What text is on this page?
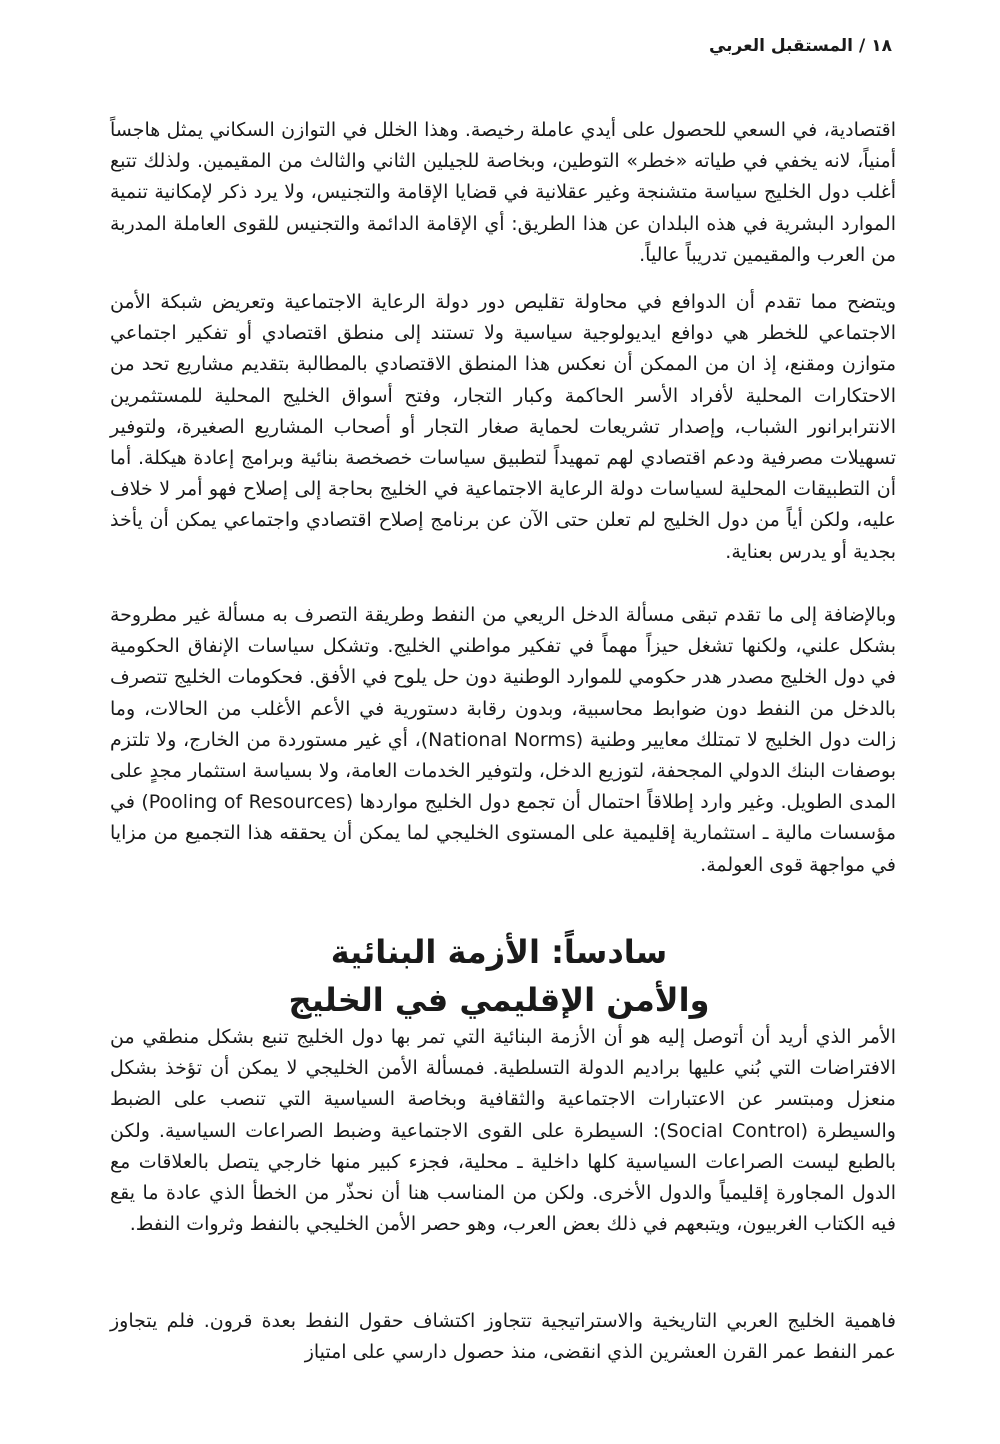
١٨/المستقبل العربي

اقتصادية، في السعي للحصول على أيدي عاملة رخيصة. وهذا الخلل في التوازن السكاني يمثل هاجساً أمنياً، لانه يخفي في طياته «خطر» التوطين، وبخاصة للجيلين الثاني والثالث من المقيمين. ولذلك تتبع أغلب دول الخليج سياسة متشنجة وغير عقلانية في قضايا الإقامة والتجنيس، ولا يرد ذكر لإمكانية تنمية الموارد البشرية في هذه البلدان عن هذا الطريق: أي الإقامة الدائمة والتجنيس للقوى العاملة المدربة من العرب والمقيمين تدريباً عالياً.

ويتضح مما تقدم أن الدوافع في محاولة تقليص دور دولة الرعاية الاجتماعية وتعريض شبكة الأمن الاجتماعي للخطر هي دوافع ايديولوجية سياسية ولا تستند إلى منطق اقتصادي أو تفكير اجتماعي متوازن ومقنع، إذ ان من الممكن أن نعكس هذا المنطق الاقتصادي بالمطالبة بتقديم مشاريع تحد من الاحتكارات المحلية لأفراد الأسر الحاكمة وكبار التجار، وفتح أسواق الخليج المحلية للمستثمرين الانترابرانور الشباب، وإصدار تشريعات لحماية صغار التجار أو أصحاب المشاريع الصغيرة، ولتوفير تسهيلات مصرفية ودعم اقتصادي لهم تمهيداً لتطبيق سياسات خصخصة بنائية وبرامج إعادة هيكلة. أما أن التطبيقات المحلية لسياسات دولة الرعاية الاجتماعية في الخليج بحاجة إلى إصلاح فهو أمر لا خلاف عليه، ولكن أياً من دول الخليج لم تعلن حتى الآن عن برنامج إصلاح اقتصادي واجتماعي يمكن أن يأخذ بجدية أو يدرس بعناية.

وبالإضافة إلى ما تقدم تبقى مسألة الدخل الريعي من النفط وطريقة التصرف به مسألة غير مطروحة بشكل علني، ولكنها تشغل حيزاً مهماً في تفكير مواطني الخليج. وتشكل سياسات الإنفاق الحكومية في دول الخليج مصدر هدر حكومي للموارد الوطنية دون حل يلوح في الأفق. فحكومات الخليج تتصرف بالدخل من النفط دون ضوابط محاسبية، وبدون رقابة دستورية في الأعم الأغلب من الحالات، وما زالت دول الخليج لا تمتلك معايير وطنية (National Norms)، أي غير مستوردة من الخارج، ولا تلتزم بوصفات البنك الدولي المجحفة، لتوزيع الدخل، ولتوفير الخدمات العامة، ولا بسياسة استثمار مجدٍ على المدى الطويل. وغير وارد إطلاقاً احتمال أن تجمع دول الخليج مواردها (Pooling of Resources) في مؤسسات مالية ـ استثمارية إقليمية على المستوى الخليجي لما يمكن أن يحققه هذا التجميع من مزايا في مواجهة قوى العولمة.

سادساً: الأزمة البنائية
والأمن الإقليمي في الخليج

الأمر الذي أريد أن أتوصل إليه هو أن الأزمة البنائية التي تمر بها دول الخليج تنبع بشكل منطقي من الافتراضات التي بُني عليها براديم الدولة التسلطية. فمسألة الأمن الخليجي لا يمكن أن تؤخذ بشكل منعزل ومبتسر عن الاعتبارات الاجتماعية والثقافية وبخاصة السياسية التي تنصب على الضبط والسيطرة (Social Control): السيطرة على القوى الاجتماعية وضبط الصراعات السياسية. ولكن بالطبع ليست الصراعات السياسية كلها داخلية ـ محلية، فجزء كبير منها خارجي يتصل بالعلاقات مع الدول المجاورة إقليمياً والدول الأخرى. ولكن من المناسب هنا أن نحذّر من الخطأ الذي عادة ما يقع فيه الكتاب الغربيون، ويتبعهم في ذلك بعض العرب، وهو حصر الأمن الخليجي بالنفط وثروات النفط.

فاهمية الخليج العربي التاريخية والاستراتيجية تتجاوز اكتشاف حقول النفط بعدة قرون. فلم يتجاوز عمر النفط عمر القرن العشرين الذي انقضى، منذ حصول دارسي على امتياز
